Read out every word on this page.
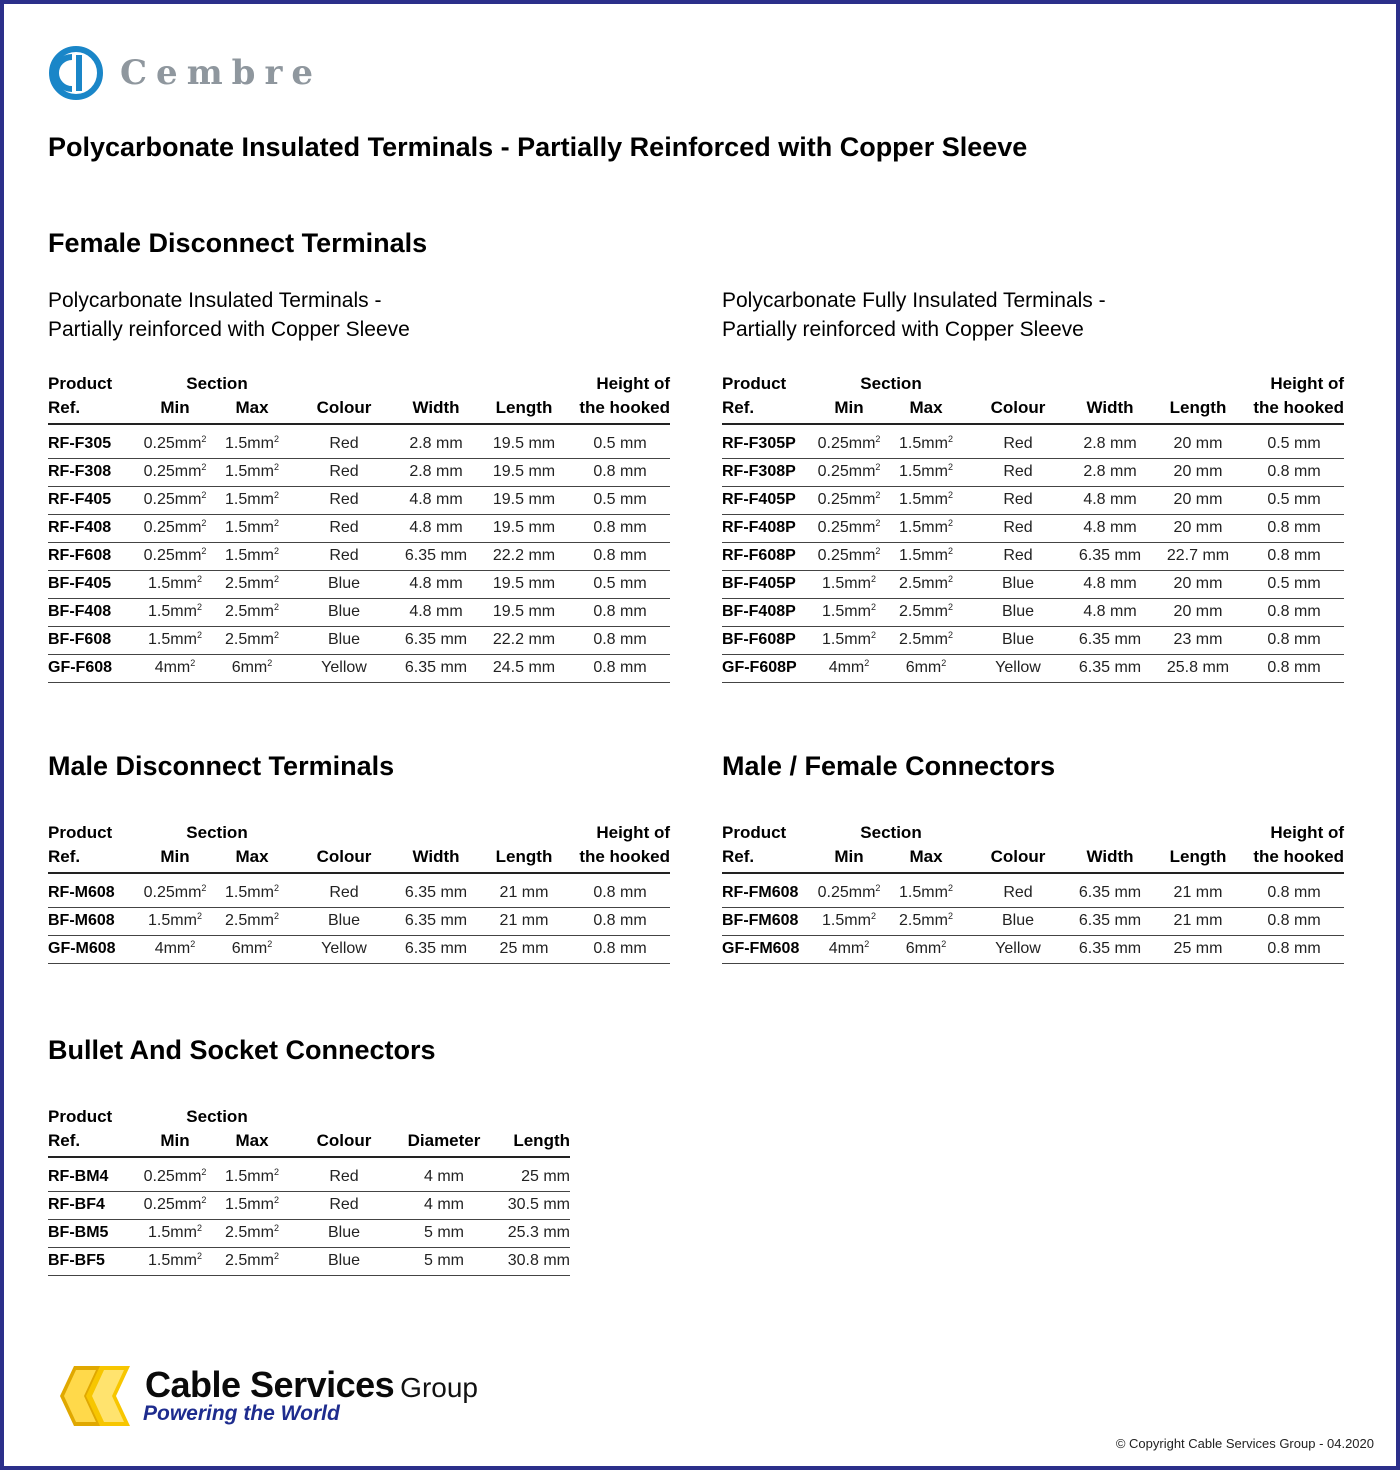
Cembre
Polycarbonate Insulated Terminals - Partially Reinforced with Copper Sleeve
Female Disconnect Terminals
Polycarbonate Insulated Terminals -
Partially reinforced with Copper Sleeve
Polycarbonate Fully Insulated Terminals -
Partially reinforced with Copper Sleeve
Product	Section					Height of
Ref.	Min	Max	Colour	Width	Length	the hooked

RF-F305	$0.25mm^2$	$1.5mm^2$	Red	2.8 mm	19.5 mm	0.5 mm
RF-F308	$0.25mm^2$	$1.5mm^2$	Red	2.8 mm	19.5 mm	0.8 mm
RF-F405	$0.25mm^2$	$1.5mm^2$	Red	4.8 mm	19.5 mm	0.5 mm
RF-F408	$0.25mm^2$	$1.5mm^2$	Red	4.8 mm	19.5 mm	0.8 mm
RF-F608	$0.25mm^2$	$1.5mm^2$	Red	6.35 mm	22.2 mm	0.8 mm
BF-F405	$1.5mm^2$	$2.5mm^2$	Blue	4.8 mm	19.5 mm	0.5 mm
BF-F408	$1.5mm^2$	$2.5mm^2$	Blue	4.8 mm	19.5 mm	0.8 mm
BF-F608	$1.5mm^2$	$2.5mm^2$	Blue	6.35 mm	22.2 mm	0.8 mm
GF-F608	$4mm^2$	$6mm^2$	Yellow	6.35 mm	24.5 mm	0.8 mm
Product	Section					Height of
Ref.	Min	Max	Colour	Width	Length	the hooked

RF-F305P	$0.25mm^2$	$1.5mm^2$	Red	2.8 mm	20 mm	0.5 mm
RF-F308P	$0.25mm^2$	$1.5mm^2$	Red	2.8 mm	20 mm	0.8 mm
RF-F405P	$0.25mm^2$	$1.5mm^2$	Red	4.8 mm	20 mm	0.5 mm
RF-F408P	$0.25mm^2$	$1.5mm^2$	Red	4.8 mm	20 mm	0.8 mm
RF-F608P	$0.25mm^2$	$1.5mm^2$	Red	6.35 mm	22.7 mm	0.8 mm
BF-F405P	$1.5mm^2$	$2.5mm^2$	Blue	4.8 mm	20 mm	0.5 mm
BF-F408P	$1.5mm^2$	$2.5mm^2$	Blue	4.8 mm	20 mm	0.8 mm
BF-F608P	$1.5mm^2$	$2.5mm^2$	Blue	6.35 mm	23 mm	0.8 mm
GF-F608P	$4mm^2$	$6mm^2$	Yellow	6.35 mm	25.8 mm	0.8 mm
Male Disconnect Terminals	Male / Female Connectors
Product	Section					Height of
Ref.	Min	Max	Colour	Width	Length	the hooked

RF-M608	$0.25mm^2$	$1.5mm^2$	Red	6.35 mm	21 mm	0.8 mm
BF-M608	$1.5mm^2$	$2.5mm^2$	Blue	6.35 mm	21 mm	0.8 mm
GF-M608	$4mm^2$	$6mm^2$	Yellow	6.35 mm	25 mm	0.8 mm
Product	Section					Height of
Ref.	Min	Max	Colour	Width	Length	the hooked

RF-FM608	$0.25mm^2$	$1.5mm^2$	Red	6.35 mm	21 mm	0.8 mm
BF-FM608	$1.5mm^2$	$2.5mm^2$	Blue	6.35 mm	21 mm	0.8 mm
GF-FM608	$4mm^2$	$6mm^2$	Yellow	6.35 mm	25 mm	0.8 mm
Bullet And Socket Connectors
Product	Section				
Ref.	Min	Max	Colour	Diameter	Length

RF-BM4	$0.25mm^2$	$1.5mm^2$	Red	4 mm	25 mm
RF-BF4	$0.25mm^2$	$1.5mm^2$	Red	4 mm	30.5 mm
BF-BM5	$1.5mm^2$	$2.5mm^2$	Blue	5 mm	25.3 mm
BF-BF5	$1.5mm^2$	$2.5mm^2$	Blue	5 mm	30.8 mm
Cable Services Group
Powering the World
© Copyright Cable Services Group - 04.2020
